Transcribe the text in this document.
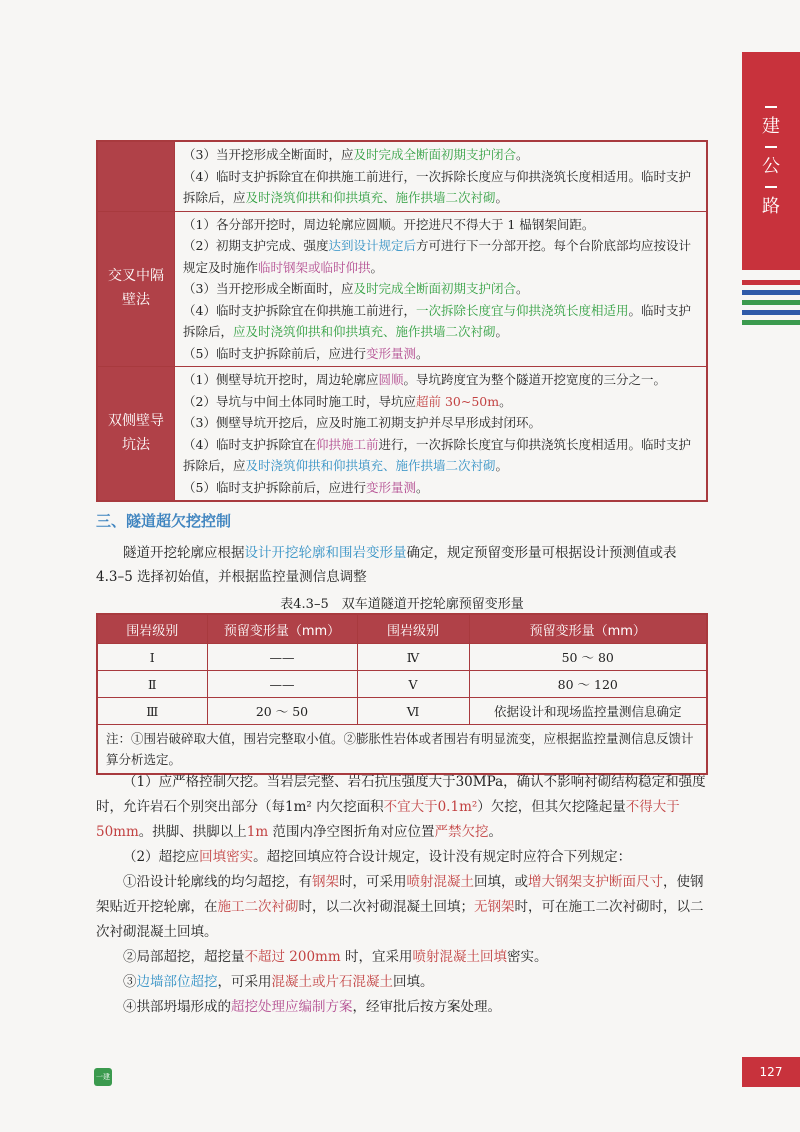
建
公
路

	（3）当开挖形成全断面时，应及时完成全断面初期支护闭合。

（4）临时支护拆除宜在仰拱施工前进行，一次拆除长度应与仰拱浇筑长度相适用。临时支护拆除后，应及时浇筑仰拱和仰拱填充、施作拱墙二次衬砌。

交叉中隔壁法	（1）各分部开挖时，周边轮廓应圆顺。开挖进尺不得大于 1 榀钢架间距。

（2）初期支护完成、强度达到设计规定后方可进行下一分部开挖。每个台阶底部均应按设计规定及时施作临时钢架或临时仰拱。

（3）当开挖形成全断面时，应及时完成全断面初期支护闭合。

（4）临时支护拆除宜在仰拱施工前进行，一次拆除长度宜与仰拱浇筑长度相适用。临时支护拆除后，应及时浇筑仰拱和仰拱填充、施作拱墙二次衬砌。

（5）临时支护拆除前后，应进行变形量测。

双侧壁导坑法	（1）侧壁导坑开挖时，周边轮廓应圆顺。导坑跨度宜为整个隧道开挖宽度的三分之一。

（2）导坑与中间土体同时施工时，导坑应超前 30~50m。

（3）侧壁导坑开挖后，应及时施工初期支护并尽早形成封闭环。

（4）临时支护拆除宜在仰拱施工前进行，一次拆除长度宜与仰拱浇筑长度相适用。临时支护拆除后，应及时浇筑仰拱和仰拱填充、施作拱墙二次衬砌。

（5）临时支护拆除前后，应进行变形量测。

三、隧道超欠挖控制

隧道开挖轮廓应根据设计开挖轮廓和围岩变形量确定，规定预留变形量可根据设计预测值或表 4.3–5 选择初始值，并根据监控量测信息调整

表4.3–5　双车道隧道开挖轮廓预留变形量
围岩级别	预留变形量（mm）	围岩级别	预留变形量（mm）
Ⅰ	——	Ⅳ	50 ～ 80
Ⅱ	——	Ⅴ	80 ～ 120
Ⅲ	20 ～ 50	Ⅵ	依据设计和现场监控量测信息确定
注：①围岩破碎取大值，围岩完整取小值。②膨胀性岩体或者围岩有明显流变，应根据监控量测信息反馈计算分析选定。			

（1）应严格控制欠挖。当岩层完整、岩石抗压强度大于30MPa，确认不影响衬砌结构稳定和强度时，允许岩石个别突出部分（每1m² 内欠挖面积不宜大于0.1m²）欠挖，但其欠挖隆起量不得大于50mm。拱脚、拱脚以上1m 范围内净空图折角对应位置严禁欠挖。

（2）超挖应回填密实。超挖回填应符合设计规定，设计没有规定时应符合下列规定：

①沿设计轮廓线的均匀超挖，有钢架时，可采用喷射混凝土回填，或增大钢架支护断面尺寸，使钢架贴近开挖轮廓，在施工二次衬砌时，以二次衬砌混凝土回填；无钢架时，可在施工二次衬砌时，以二次衬砌混凝土回填。

②局部超挖，超挖量不超过 200mm 时，宜采用喷射混凝土回填密实。

③边墙部位超挖，可采用混凝土或片石混凝土回填。

④拱部坍塌形成的超挖处理应编制方案，经审批后按方案处理。

一建	127
